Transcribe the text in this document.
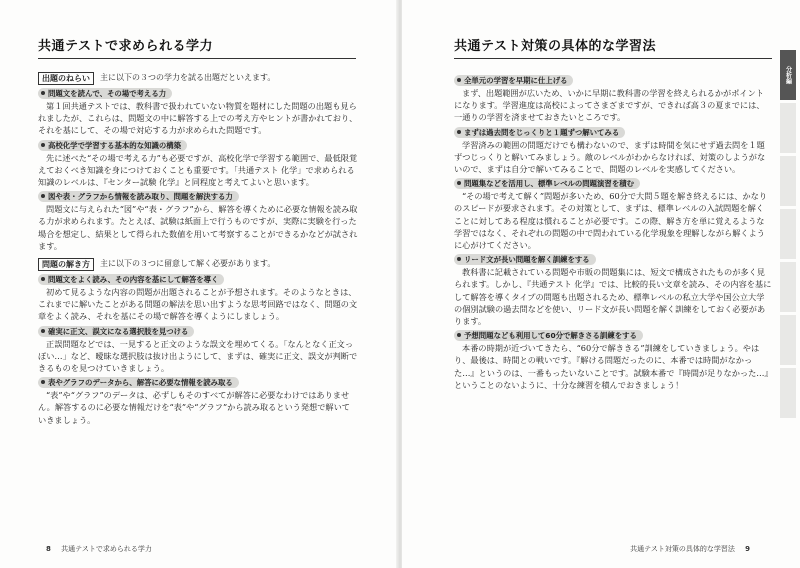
共通テストで求められる学力
出題のねらい	主に以下の３つの学力を試る出題だといえます。
問題文を読んで、その場で考える力

第１回共通テストでは、教科書で扱われていない物質を題材にした問題の出題も見られましたが、これらは、問題文の中に解答する上での考え方やヒントが書かれており、それを基にして、その場で対応する力が求められた問題です。

高校化学で学習する基本的な知識の構築

先に述べた“その場で考える力”も必要ですが、高校化学で学習する範囲で、最低限覚えておくべき知識を身につけておくことも重要です。「共通テスト 化学」で求められる知識のレベルは、『センター試験 化学』と同程度と考えてよいと思います。

図や表・グラフから情報を読み取り、問題を解決する力

問題文に与えられた“図”や“表・グラフ”から、解答を導くために必要な情報を読み取る力が求められます。たとえば、試験は紙面上で行うものですが、実際に実験を行った場合を想定し、結果として得られた数値を用いて考察することができるかなどが試されます。

問題の解き方	主に以下の３つに留意して解く必要があります。
問題文をよく読み、その内容を基にして解答を導く

初めて見るような内容の問題が出題されることが予想されます。そのようなときは、これまでに解いたことがある問題の解法を思い出すような思考回路ではなく、問題の文章をよく読み、それを基にその場で解答を導くようにしましょう。

確実に正文、誤文になる選択肢を見つける

正誤問題などでは、一見すると正文のような誤文を埋めてくる。「なんとなく正文っぽい…」など、曖昧な選択肢は抜け出ようにして、まずは、確実に正文、誤文が判断できるものを見つけていきましょう。

表やグラフのデータから、解答に必要な情報を読み取る

“表”や“グラフ”のデータは、必ずしもそのすべてが解答に必要なわけではありません。解答するのに必要な情報だけを“表”や“グラフ”から読み取るという発想で解いていきましょう。

8 共通テストで求められる学力
共通テスト対策の具体的な学習法
全単元の学習を早期に仕上げる

まず、出題範囲が広いため、いかに早期に教科書の学習を終えられるかがポイントになります。学習進度は高校によってさまざまですが、できれば高３の夏までには、一通りの学習を済ませておきたいところです。

まずは過去問をじっくりと１題ずつ解いてみる

学習済みの範囲の問題だけでも構わないので、まずは時間を気にせず過去問を１題ずつじっくりと解いてみましょう。敵のレベルがわからなければ、対策のしようがないので、まずは自分で解いてみることで、問題のレベルを実感してください。

問題集などを活用し、標準レベルの問題演習を積む

“その場で考えて解く”問題が多いため、60分で大問５題を解き終えるには、かなりのスピードが要求されます。その対策として、まずは、標準レベルの入試問題を解くことに対してある程度は慣れることが必要です。この際、解き方を単に覚えるような学習ではなく、それぞれの問題の中で問われている化学現象を理解しながら解くように心がけてください。

リード文が長い問題を解く訓練をする

教科書に記載されている問題や市販の問題集には、短文で構成されたものが多く見られます。しかし、『共通テスト 化学』では、比較的長い文章を読み、その内容を基にして解答を導くタイプの問題も出題されるため、標準レベルの私立大学や国公立大学の個別試験の過去問などを使い、リード文が長い問題を解く訓練をしておく必要があります。

予想問題なども利用して60分で解きさる訓練をする

本番の時期が近づいてきたら、“60分で解ききる”訓練をしていきましょう。やはり、最後は、時間との戦いです。『解ける問題だったのに、本番では時間がなかった…』というのは、一番もったいないことです。試験本番で『時間が足りなかった…』ということのないように、十分な練習を積んでおきましょう！

共通テスト対策の具体的な学習法 9
分析編
